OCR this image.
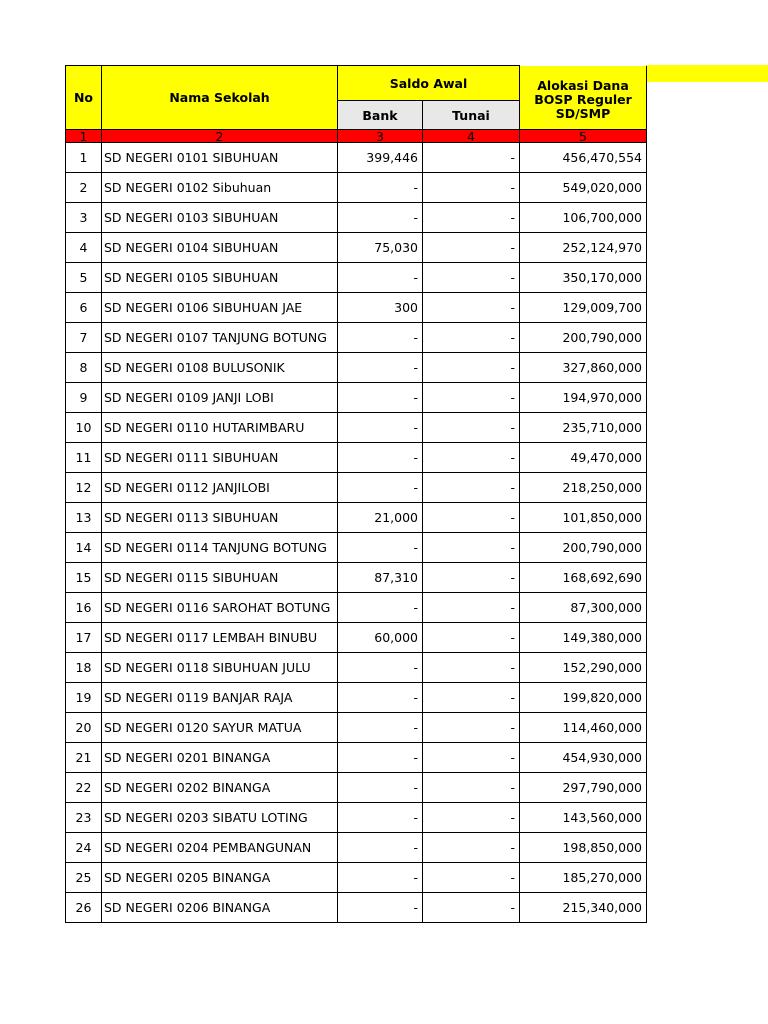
No	Nama Sekolah	Saldo Awal		Alokasi Dana BOSP Reguler SD/SMP
		Bank	Tunai	
1	2	3	4	5
1	SD NEGERI 0101 SIBUHUAN	399,446	-	456,470,554
2	SD NEGERI 0102 Sibuhuan	-	-	549,020,000
3	SD NEGERI 0103 SIBUHUAN	-	-	106,700,000
4	SD NEGERI 0104 SIBUHUAN	75,030	-	252,124,970
5	SD NEGERI 0105 SIBUHUAN	-	-	350,170,000
6	SD NEGERI 0106 SIBUHUAN JAE	300	-	129,009,700
7	SD NEGERI 0107 TANJUNG BOTUNG	-	-	200,790,000
8	SD NEGERI 0108 BULUSONIK	-	-	327,860,000
9	SD NEGERI 0109 JANJI LOBI	-	-	194,970,000
10	SD NEGERI 0110 HUTARIMBARU	-	-	235,710,000
11	SD NEGERI 0111 SIBUHUAN	-	-	49,470,000
12	SD NEGERI 0112 JANJILOBI	-	-	218,250,000
13	SD NEGERI 0113 SIBUHUAN	21,000	-	101,850,000
14	SD NEGERI 0114 TANJUNG BOTUNG	-	-	200,790,000
15	SD NEGERI 0115 SIBUHUAN	87,310	-	168,692,690
16	SD NEGERI 0116 SAROHAT BOTUNG	-	-	87,300,000
17	SD NEGERI 0117 LEMBAH BINUBU	60,000	-	149,380,000
18	SD NEGERI 0118 SIBUHUAN JULU	-	-	152,290,000
19	SD NEGERI 0119 BANJAR RAJA	-	-	199,820,000
20	SD NEGERI 0120 SAYUR MATUA	-	-	114,460,000
21	SD NEGERI 0201 BINANGA	-	-	454,930,000
22	SD NEGERI 0202 BINANGA	-	-	297,790,000
23	SD NEGERI 0203 SIBATU LOTING	-	-	143,560,000
24	SD NEGERI 0204 PEMBANGUNAN	-	-	198,850,000
25	SD NEGERI 0205 BINANGA	-	-	185,270,000
26	SD NEGERI 0206 BINANGA	-	-	215,340,000
